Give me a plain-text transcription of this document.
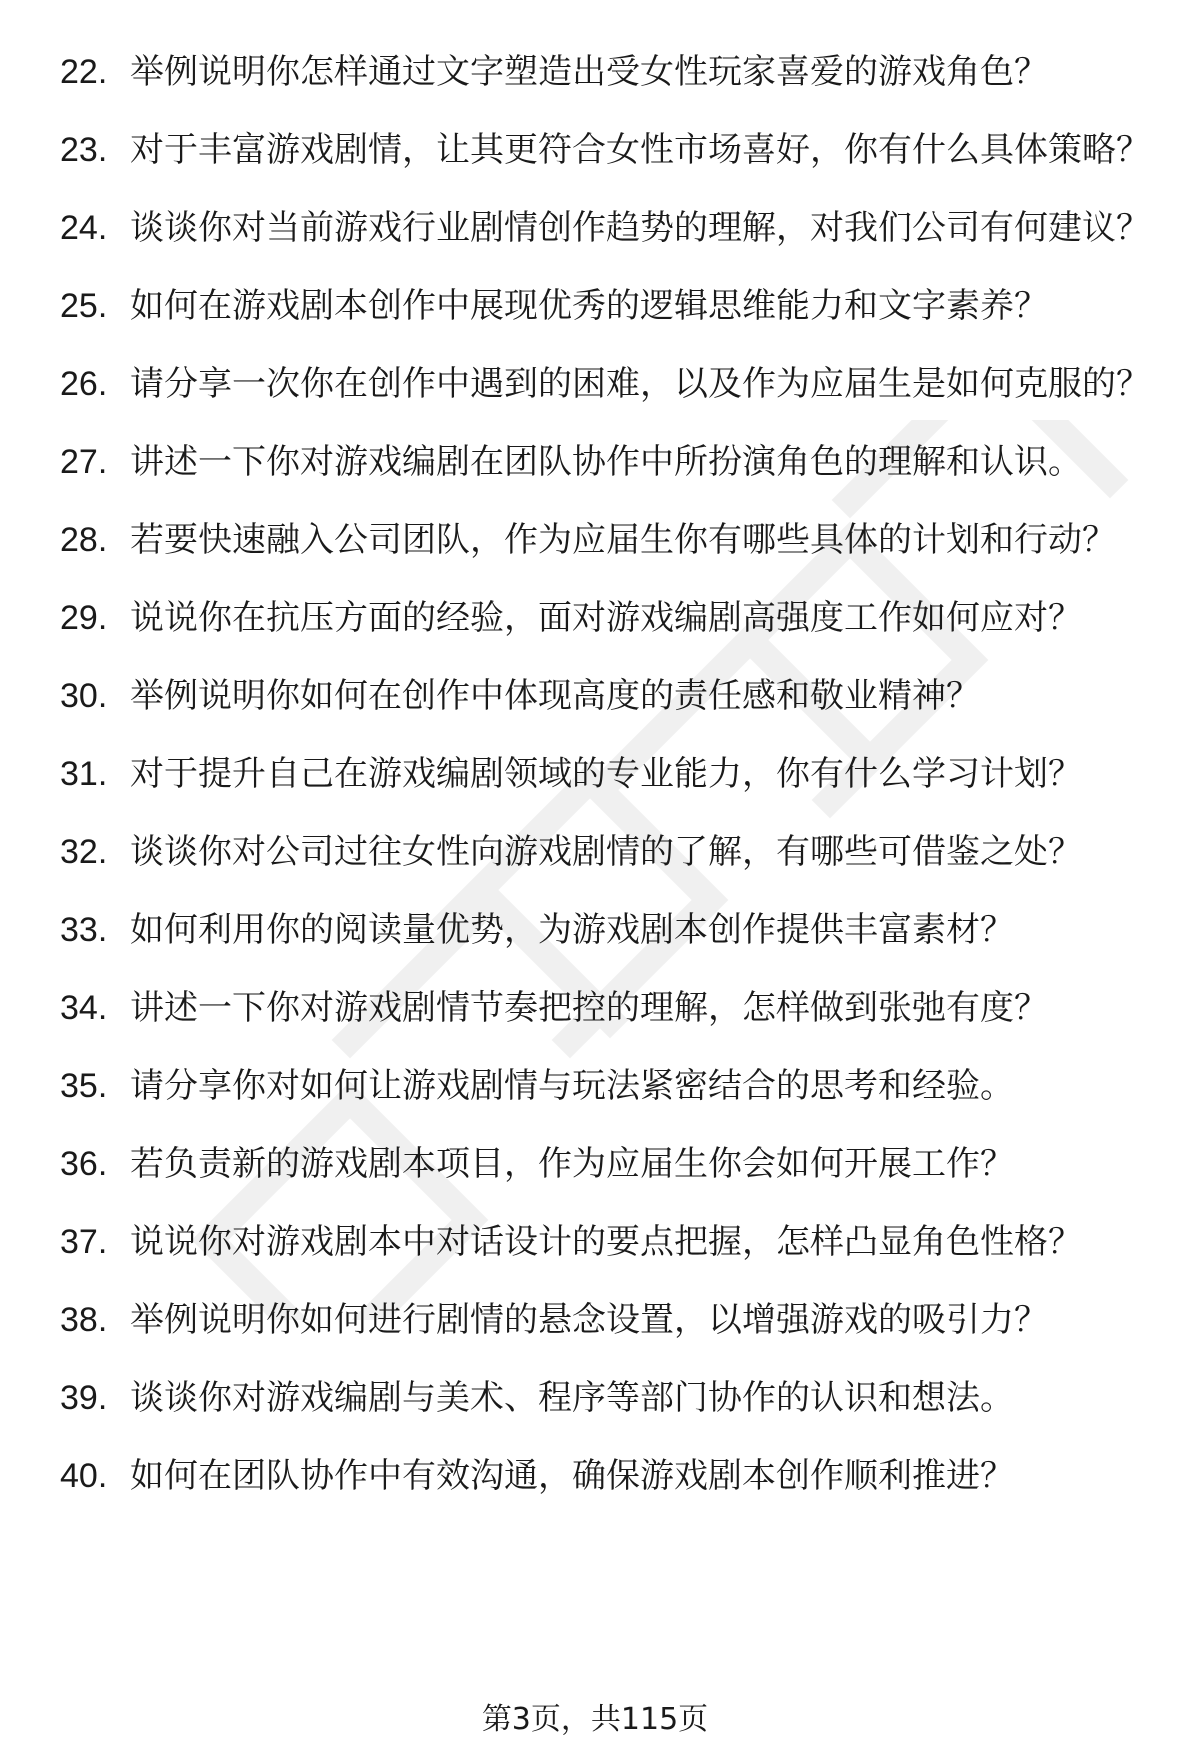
22. 举例说明你怎样通过文字塑造出受女性玩家喜爱的游戏角色？
23. 对于丰富游戏剧情，让其更符合女性市场喜好，你有什么具体策略？
24. 谈谈你对当前游戏行业剧情创作趋势的理解，对我们公司有何建议？
25. 如何在游戏剧本创作中展现优秀的逻辑思维能力和文字素养？
26. 请分享一次你在创作中遇到的困难，以及作为应届生是如何克服的？
27. 讲述一下你对游戏编剧在团队协作中所扮演角色的理解和认识。
28. 若要快速融入公司团队，作为应届生你有哪些具体的计划和行动？
29. 说说你在抗压方面的经验，面对游戏编剧高强度工作如何应对？
30. 举例说明你如何在创作中体现高度的责任感和敬业精神？
31. 对于提升自己在游戏编剧领域的专业能力，你有什么学习计划？
32. 谈谈你对公司过往女性向游戏剧情的了解，有哪些可借鉴之处？
33. 如何利用你的阅读量优势，为游戏剧本创作提供丰富素材？
34. 讲述一下你对游戏剧情节奏把控的理解，怎样做到张弛有度？
35. 请分享你对如何让游戏剧情与玩法紧密结合的思考和经验。
36. 若负责新的游戏剧本项目，作为应届生你会如何开展工作？
37. 说说你对游戏剧本中对话设计的要点把握，怎样凸显角色性格？
38. 举例说明你如何进行剧情的悬念设置，以增强游戏的吸引力？
39. 谈谈你对游戏编剧与美术、程序等部门协作的认识和想法。
40. 如何在团队协作中有效沟通，确保游戏剧本创作顺利推进？
第3页，共115页
